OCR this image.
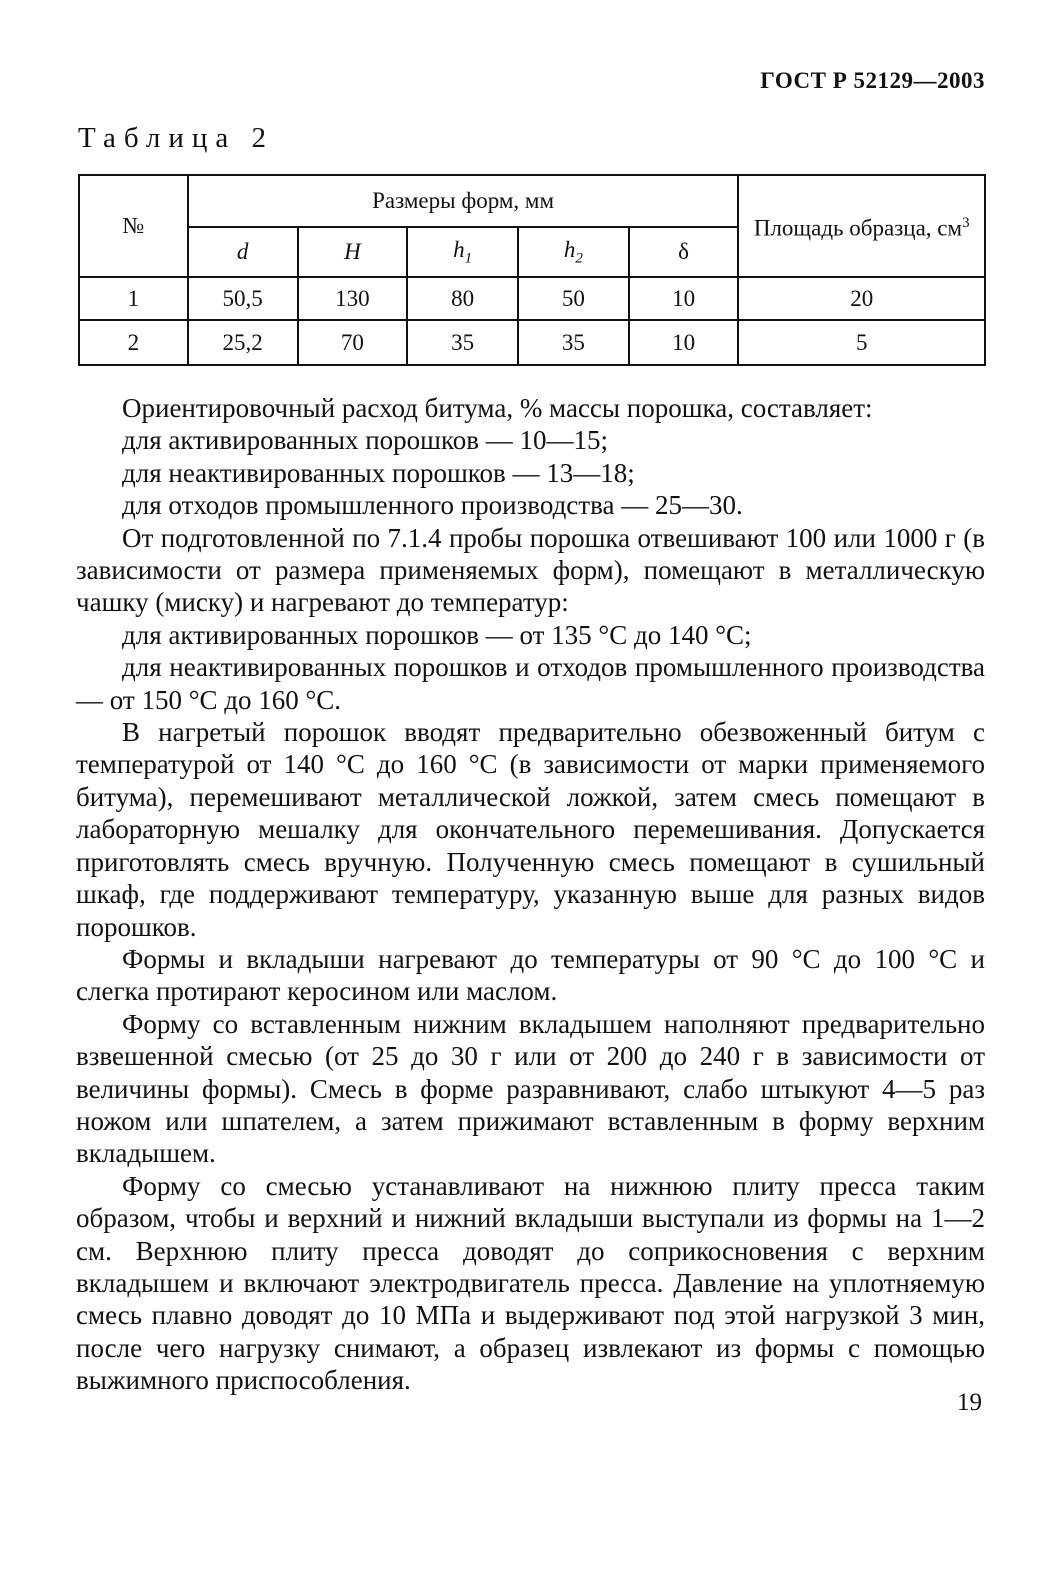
ГОСТ Р 52129—2003
Таблица 2
№	Размеры форм, мм					Площадь образца, $см^3$
	d	H	$h_1$	$h_2$	δ	
1	50,5	130	80	50	10	20
2	25,2	70	35	35	10	5

Ориентировочный расход битума, % массы порошка, составляет:

для активированных порошков — 10—15;

для неактивированных порошков — 13—18;

для отходов промышленного производства — 25—30.

От подготовленной по 7.1.4 пробы порошка отвешивают 100 или 1000 г (в зависимости от размера применяемых форм), помещают в металлическую чашку (миску) и нагревают до температур:

для активированных порошков — от 135 °С до 140 °С;

для неактивированных порошков и отходов промышленного производства — от 150 °С до 160 °С.

В нагретый порошок вводят предварительно обезвоженный битум с температурой от 140 °С до 160 °С (в зависимости от марки применяемого битума), перемешивают металлической ложкой, затем смесь помещают в лабораторную мешалку для окончательного перемешивания. Допускается приготовлять смесь вручную. Полученную смесь помещают в сушильный шкаф, где поддерживают температуру, указанную выше для разных видов порошков.

Формы и вкладыши нагревают до температуры от 90 °С до 100 °С и слегка протирают керосином или маслом.

Форму со вставленным нижним вкладышем наполняют предварительно взвешенной смесью (от 25 до 30 г или от 200 до 240 г в зависимости от величины формы). Смесь в форме разравнивают, слабо штыкуют 4—5 раз ножом или шпателем, а затем прижимают вставленным в форму верхним вкладышем.

Форму со смесью устанавливают на нижнюю плиту пресса таким образом, чтобы и верхний и нижний вкладыши выступали из формы на 1—2 см. Верхнюю плиту пресса доводят до соприкосновения с верхним вкладышем и включают электродвигатель пресса. Давление на уплотняемую смесь плавно доводят до 10 МПа и выдерживают под этой нагрузкой 3 мин, после чего нагрузку снимают, а образец извлекают из формы с помощью выжимного приспособления.

19
